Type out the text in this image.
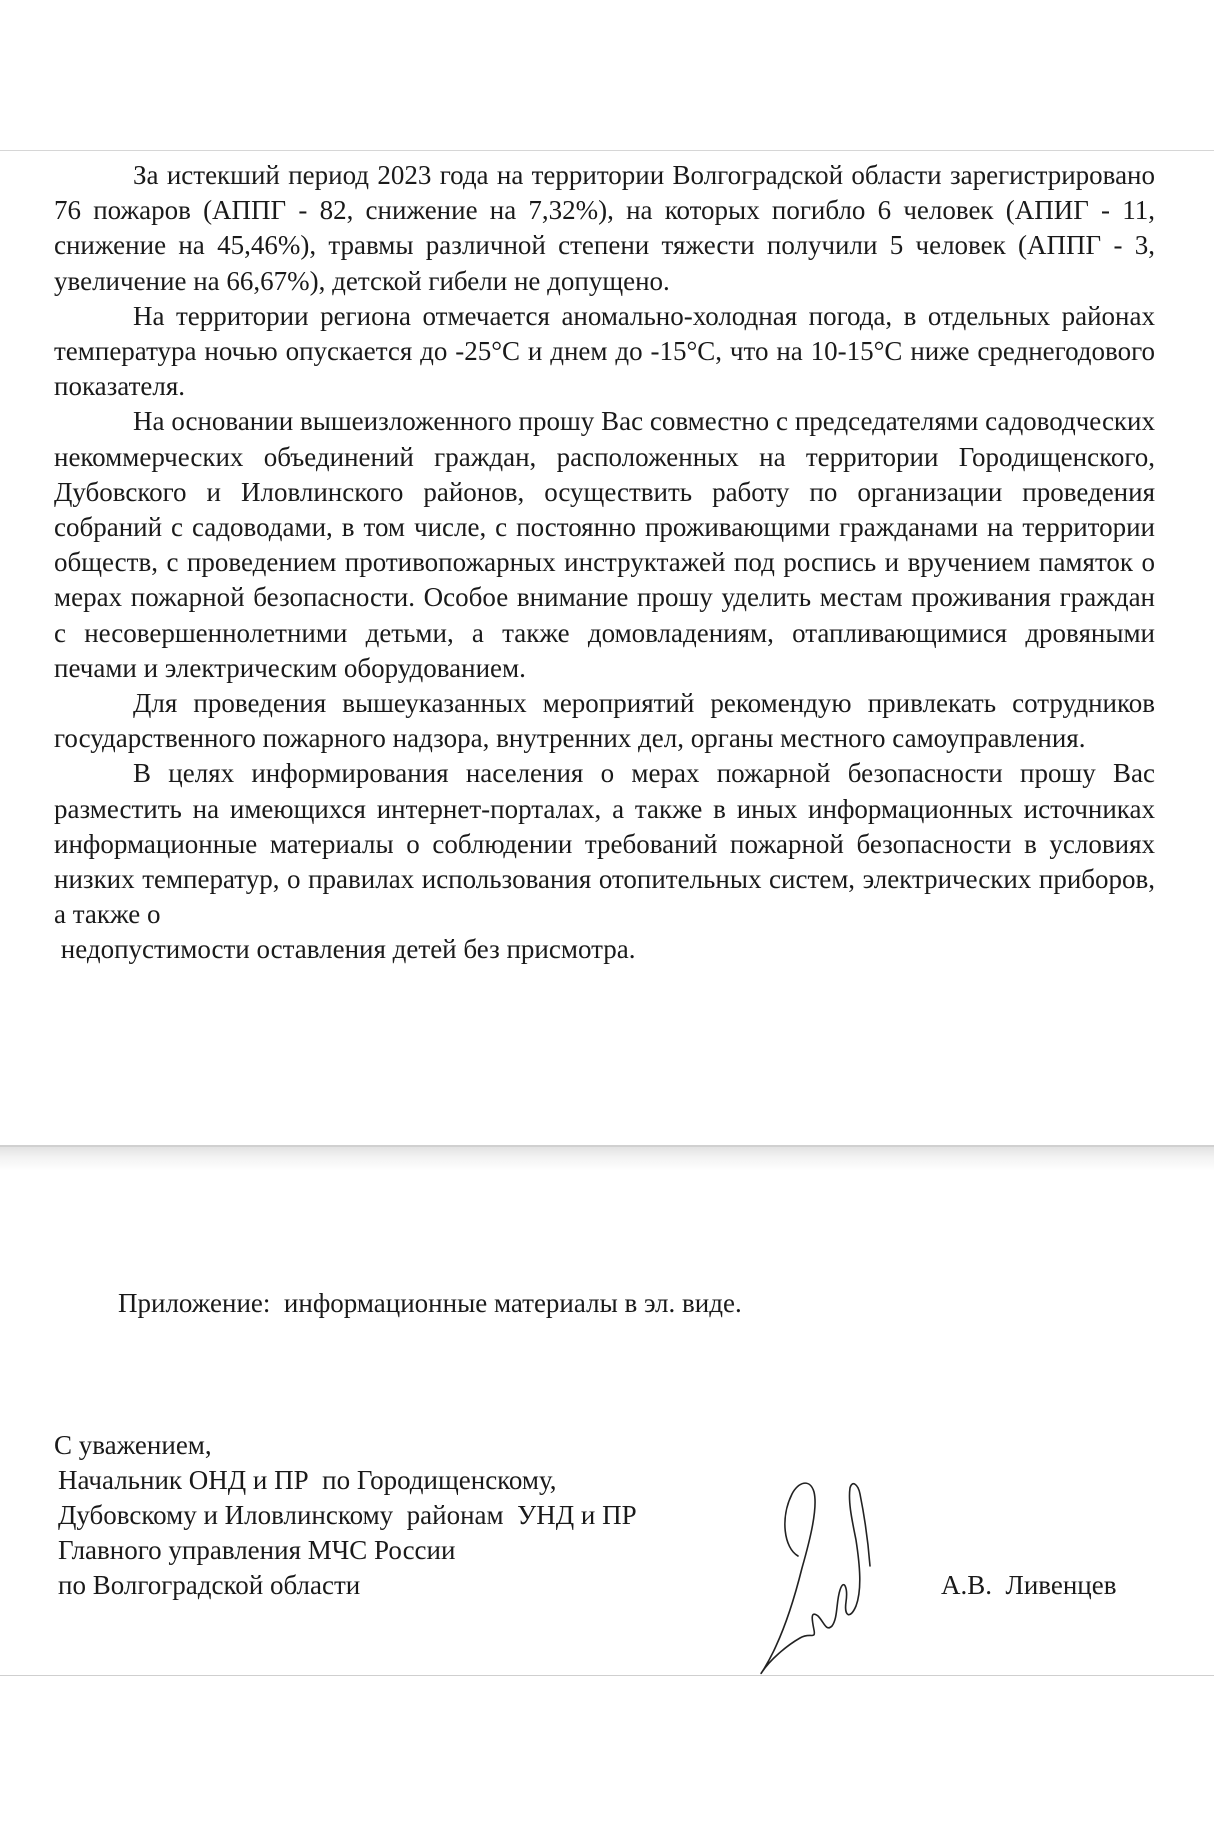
За истекший период 2023 года на территории Волгоградской области зарегистрировано 76 пожаров (АППГ - 82, снижение на 7,32%), на которых погибло 6 человек (АПИГ - 11, снижение на 45,46%), травмы различной степени тяжести получили 5 человек (АППГ - 3, увеличение на 66,67%), детской гибели не допущено.

На территории региона отмечается аномально-холодная погода, в отдельных районах температура ночью опускается до -25°С и днем до -15°С, что на 10-15°С ниже среднегодового показателя.

На основании вышеизложенного прошу Вас совместно с председателями садоводческих некоммерческих объединений граждан, расположенных на территории Городищенского, Дубовского и Иловлинского районов, осуществить работу по организации проведения собраний с садоводами, в том числе, с постоянно проживающими гражданами на территории обществ, с проведением противопожарных инструктажей под роспись и вручением памяток о мерах пожарной безопасности. Особое внимание прошу уделить местам проживания граждан с несовершеннолетними детьми, а также домовладениям, отапливающимися дровяными печами и электрическим оборудованием.

Для проведения вышеуказанных мероприятий рекомендую привлекать сотрудников государственного пожарного надзора, внутренних дел, органы местного самоуправления.

В целях информирования населения о мерах пожарной безопасности прошу Вас разместить на имеющихся интернет-порталах, а также в иных информационных источниках информационные материалы о соблюдении требований пожарной безопасности в условиях низких температур, о правилах использования отопительных систем, электрических приборов, а также о

недопустимости оставления детей без присмотра.

Приложение:  информационные материалы в эл. виде.
С уважением,
Начальник ОНД и ПР  по Городищенскому,
Дубовскому и Иловлинскому  районам  УНД и ПР
Главного управления МЧС России
по Волгоградской области	А.В.  Ливенцев
